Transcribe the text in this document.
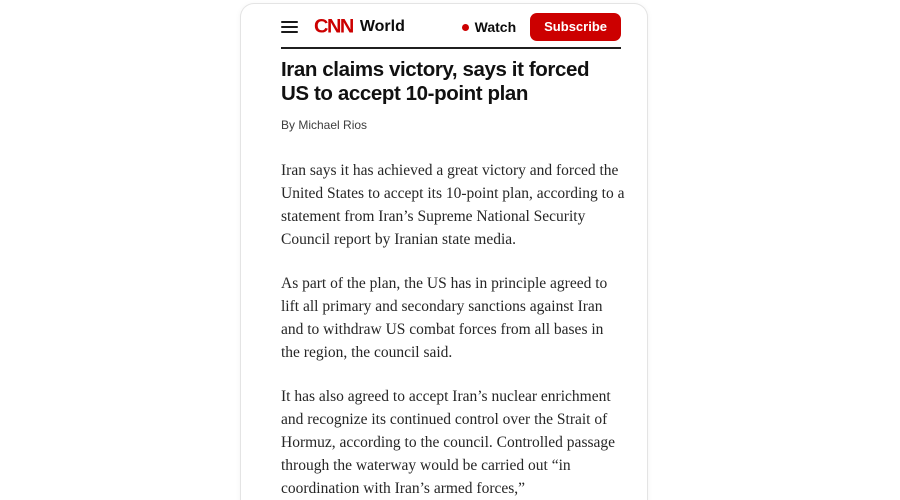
CNN World	Watch	Subscribe
Iran claims victory, says it forced US to accept 10-point plan
By Michael Rios

Iran says it has achieved a great victory and forced the United States to accept its 10-point plan, according to a statement from Iran’s Supreme National Security Council report by Iranian state media.

As part of the plan, the US has in principle agreed to lift all primary and secondary sanctions against Iran and to withdraw US combat forces from all bases in the region, the council said.

It has also agreed to accept Iran’s nuclear enrichment and recognize its continued control over the Strait of Hormuz, according to the council. Controlled passage through the waterway would be carried out “in coordination with Iran’s armed forces,”
